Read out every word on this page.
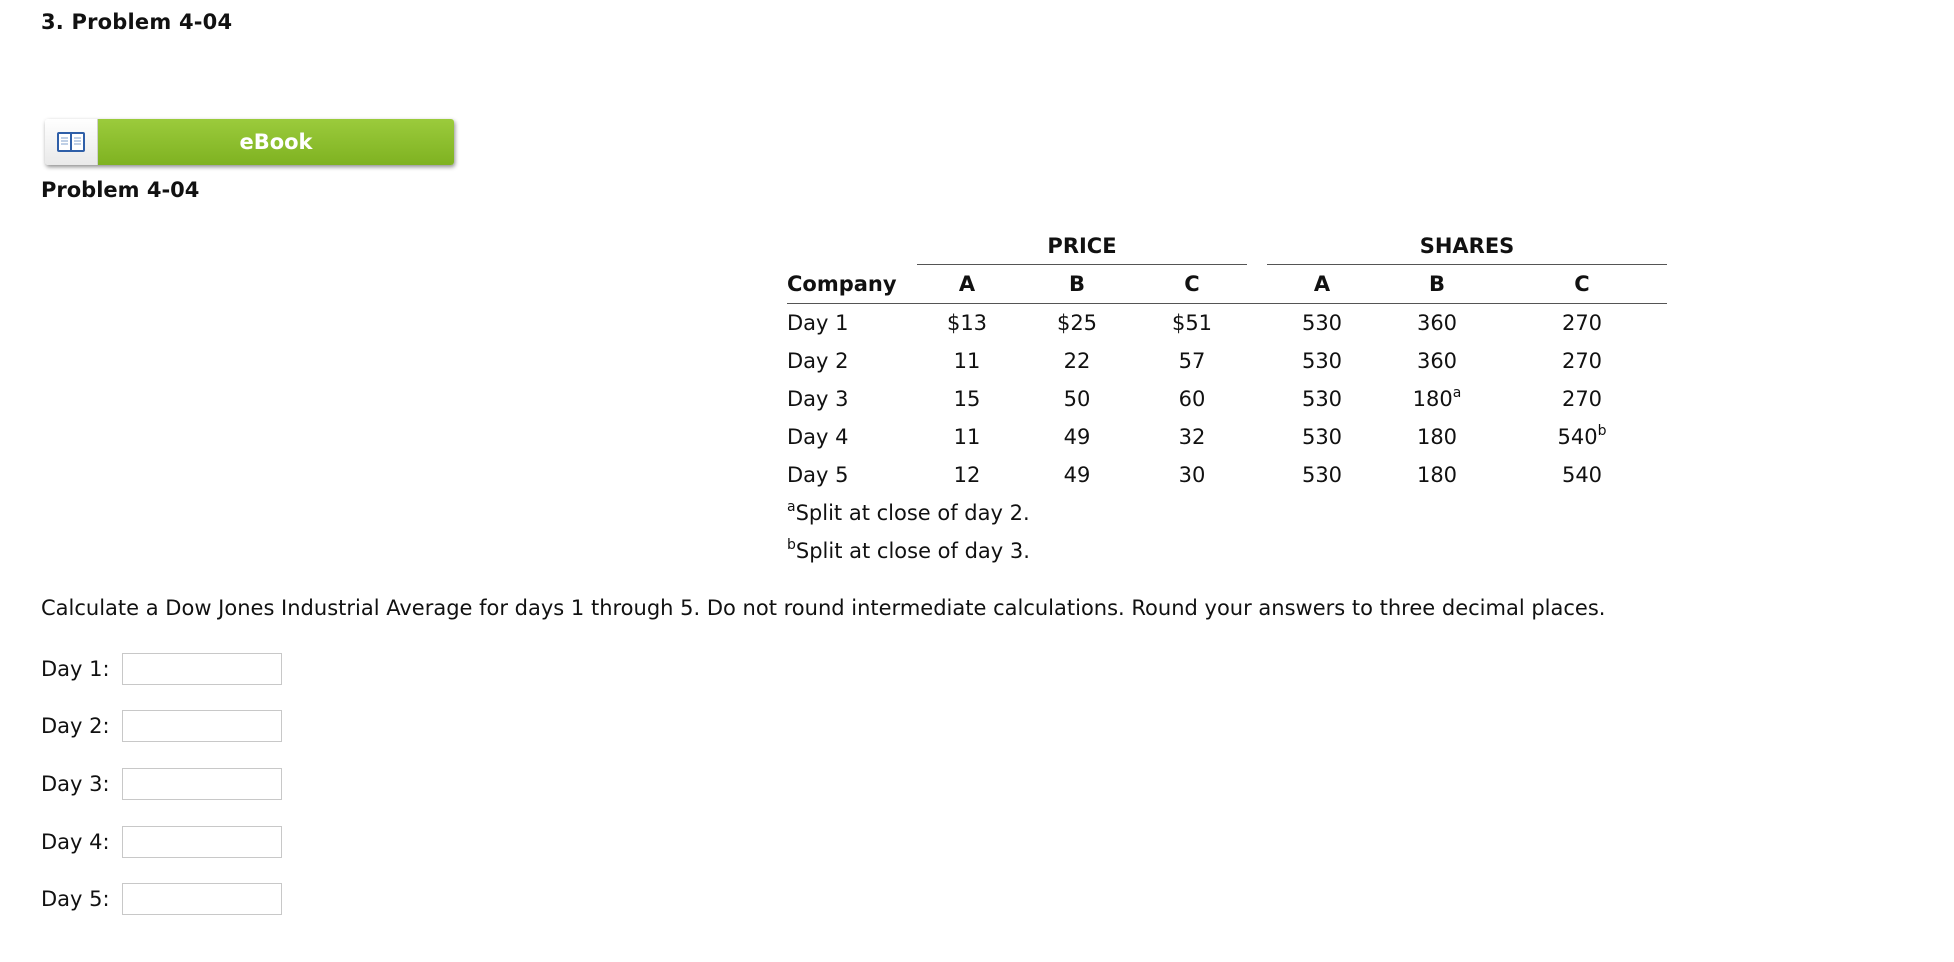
3. Problem 4-04
eBook
Problem 4-04
	PRICE				SHARES		
Company	A	B	C		A	B	C
Day 1	$13	$25	$51		530	360	270
Day 2	11	22	57		530	360	270
Day 3	15	50	60		530	180$^a$	270
Day 4	11	49	32		530	180	540$^b$
Day 5	12	49	30		530	180	540
$^a$Split at close of day 2.							
$^b$Split at close of day 3.							
Calculate a Dow Jones Industrial Average for days 1 through 5. Do not round intermediate calculations. Round your answers to three decimal places.
Day 1:
Day 2:
Day 3:
Day 4:
Day 5:
